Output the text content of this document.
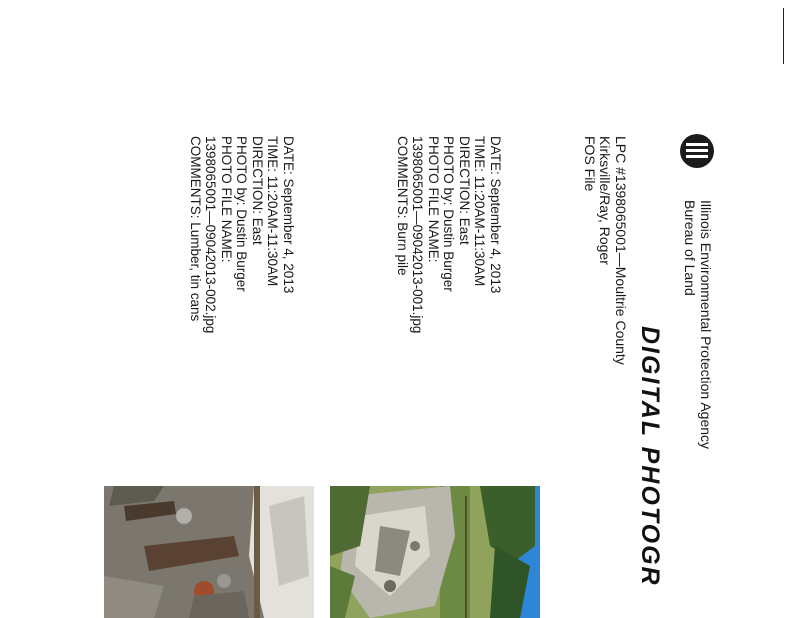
Illinois Environmental Protection Agency
Bureau of Land
DIGITAL PHOTOGR
LPC #1398065001—Moultrie County
Kirksville/Ray, Roger
FOS File
DATE: September 4, 2013
TIME: 11:20AM-11:30AM
DIRECTION: East
PHOTO by: Dustin Burger
PHOTO FILE NAME:
1398065001—09042013-001.jpg
COMMENTS: Burn pile
DATE: September 4, 2013
TIME: 11:20AM-11:30AM
DIRECTION: East
PHOTO by: Dustin Burger
PHOTO FILE NAME:
1398065001—09042013-002.jpg
COMMENTS: Lumber, tin cans
